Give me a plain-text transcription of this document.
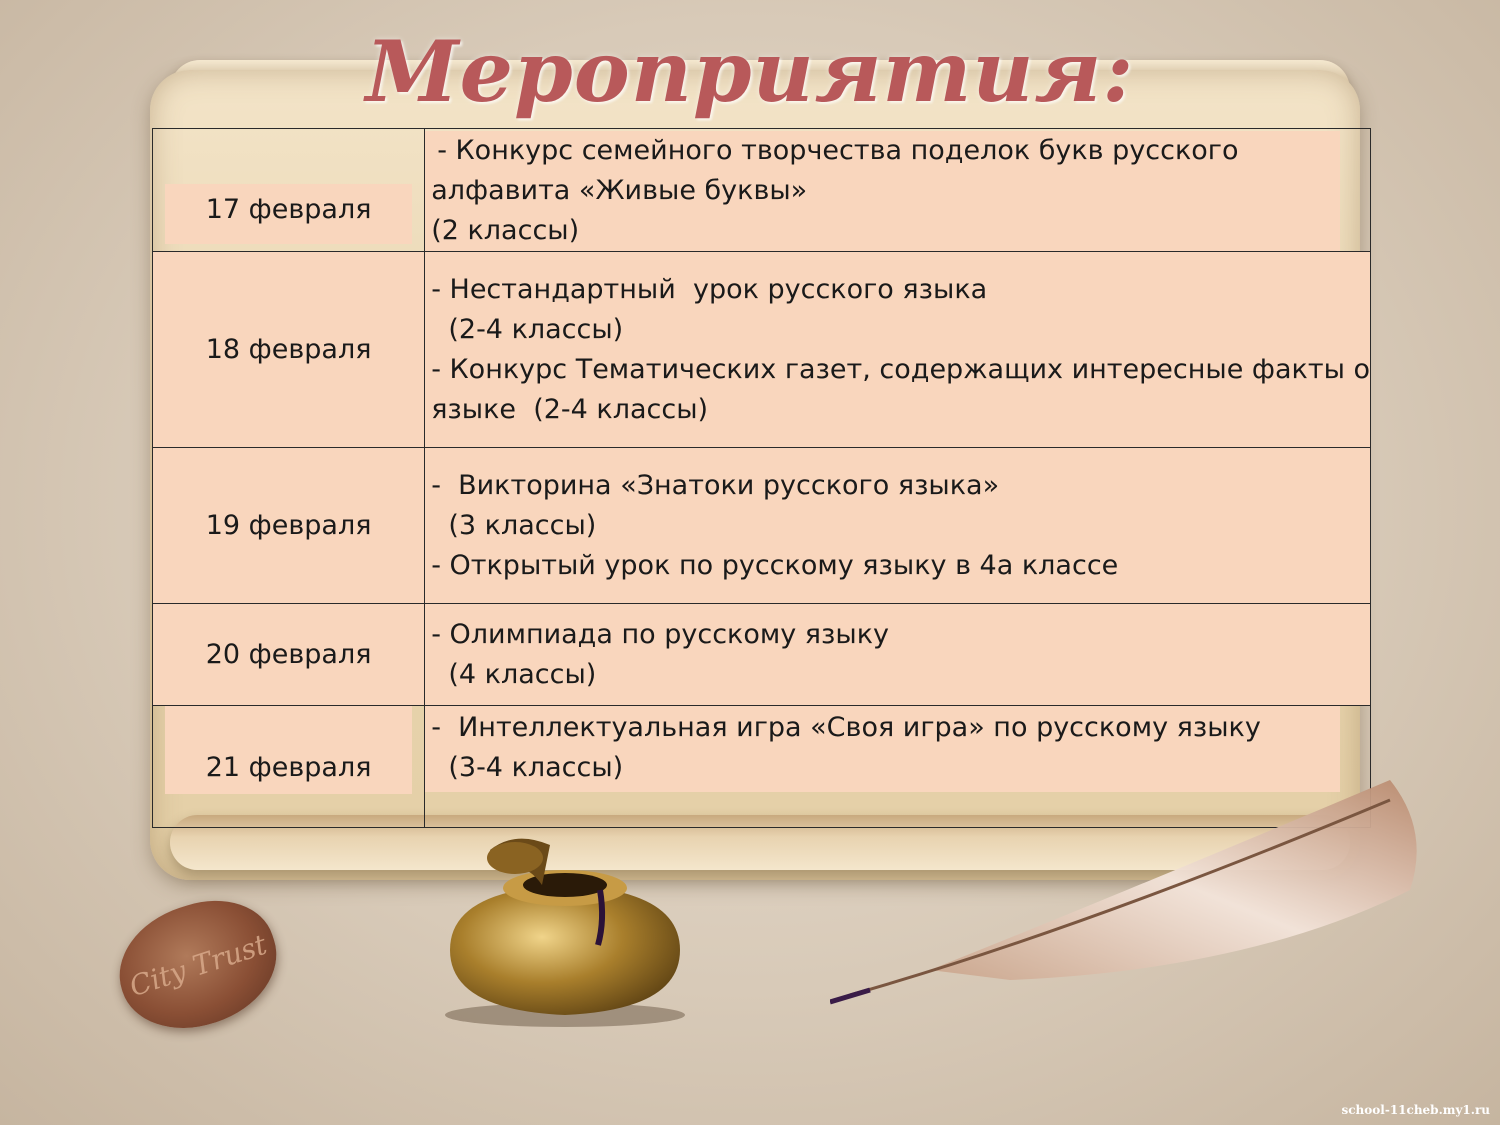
Мероприятия:
17 февраля	- Конкурс семейного творчества поделок букв русского
алфавита «Живые буквы»
(2 классы)

18 февраля	- Нестандартный  урок русского языка
(2-4 классы)
- Конкурс Тематических газет, содержащих интересные факты о
языке  (2-4 классы)

19 февраля	-  Викторина «Знатоки русского языка»
(3 классы)
- Открытый урок по русскому языку в 4а классе

20 февраля	- Олимпиада по русскому языку
(4 классы)

21 февраля	-  Интеллектуальная игра «Своя игра» по русскому языку
(3-4 классы)
City Trust
school-11cheb.my1.ru
